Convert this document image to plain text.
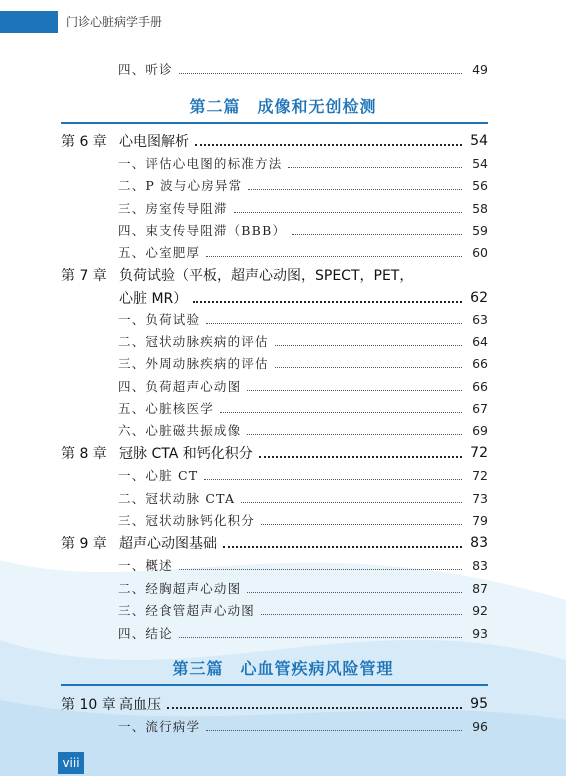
门诊心脏病学手册
四、听诊	49
第二篇　成像和无创检测
第 6 章 心电图解析	54
一、评估心电图的标准方法	54
二、P 波与心房异常	56
三、房室传导阻滞	58
四、束支传导阻滞（BBB）	59
五、心室肥厚	60
第 7 章 负荷试验（平板，超声心动图，SPECT，PET，
心脏 MR）	62
一、负荷试验	63
二、冠状动脉疾病的评估	64
三、外周动脉疾病的评估	66
四、负荷超声心动图	66
五、心脏核医学	67
六、心脏磁共振成像	69
第 8 章 冠脉 CTA 和钙化积分	72
一、心脏 CT	72
二、冠状动脉 CTA	73
三、冠状动脉钙化积分	79
第 9 章 超声心动图基础	83
一、概述	83
二、经胸超声心动图	87
三、经食管超声心动图	92
四、结论	93
第三篇　心血管疾病风险管理
第 10 章 高血压	95
一、流行病学	96
viii
